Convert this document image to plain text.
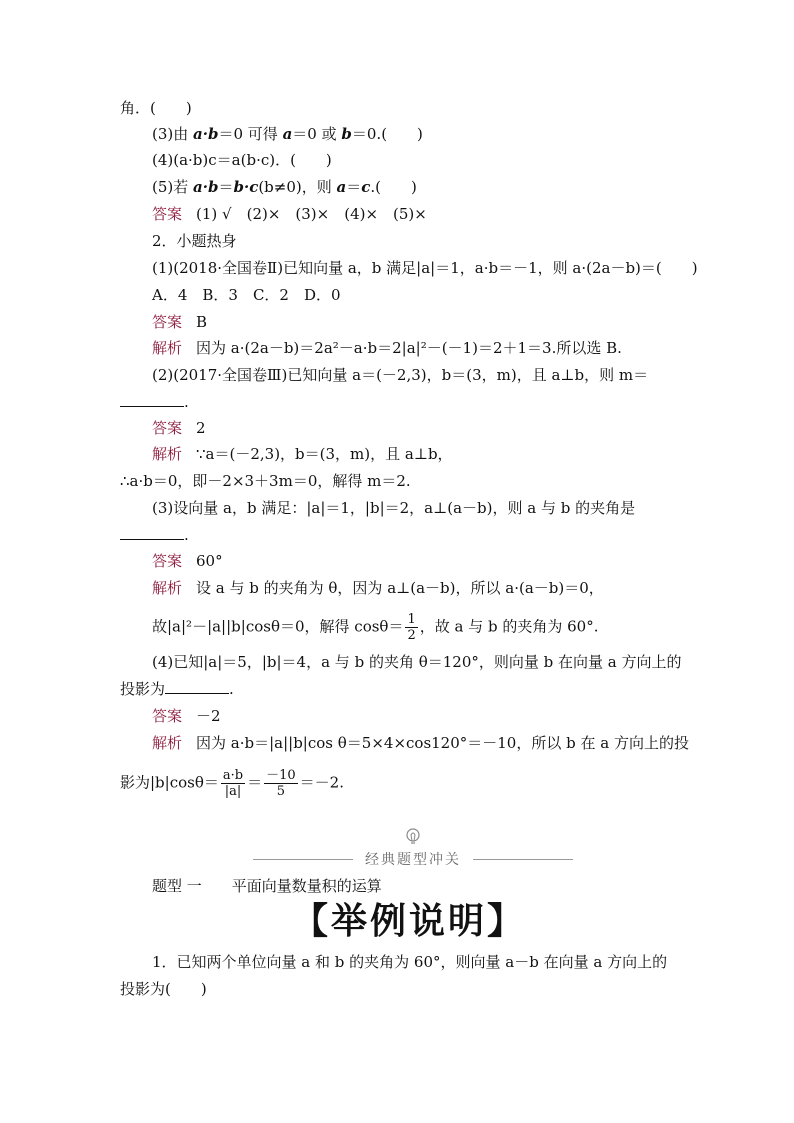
角．(　　)
(3)由 a·b＝0 可得 a＝0 或 b＝0.(　　)
(4)(a·b)c＝a(b·c)．(　　)
(5)若 a·b＝b·c(b≠0)，则 a＝c.(　　)
答案 (1) √　(2)×　(3)×　(4)×　(5)×
2．小题热身
(1)(2018·全国卷Ⅱ)已知向量 a，b 满足|a|＝1，a·b＝－1，则 a·(2a－b)＝(　　)
A．4　B．3　C．2　D．0
答案 B
解析 因为 a·(2a－b)＝2a²－a·b＝2|a|²－(－1)＝2＋1＝3.所以选 B.
(2)(2017·全国卷Ⅲ)已知向量 a＝(－2,3)，b＝(3，m)，且 a⊥b，则 m＝
.
答案 2
解析 ∵a＝(－2,3)，b＝(3，m)，且 a⊥b，
∴a·b＝0，即－2×3＋3m＝0，解得 m＝2.
(3)设向量 a，b 满足：|a|＝1，|b|＝2，a⊥(a－b)，则 a 与 b 的夹角是
.
答案 60°
解析 设 a 与 b 的夹角为 θ，因为 a⊥(a－b)，所以 a·(a－b)＝0，
故|a|²－|a||b|cosθ＝0，解得 $\cos\theta= \frac{1}{2}$ ，故 a 与 b 的夹角为 60°.
(4)已知|a|＝5，|b|＝4，a 与 b 的夹角 θ＝120°，则向量 b 在向量 a 方向上的
投影为	.
答案 －2
解析 因为 a·b＝|a||b|cos θ＝5×4×cos120°＝－10，所以 b 在 a 方向上的投
影为$|b|\cos\theta= \frac{a\cdot b}{|a|} = \frac{-10}{5} =-2$.
经典题型冲关
题型 一　　平面向量数量积的运算
【举例说明】
1．已知两个单位向量 a 和 b 的夹角为 60°，则向量 a－b 在向量 a 方向上的
投影为(　　)
